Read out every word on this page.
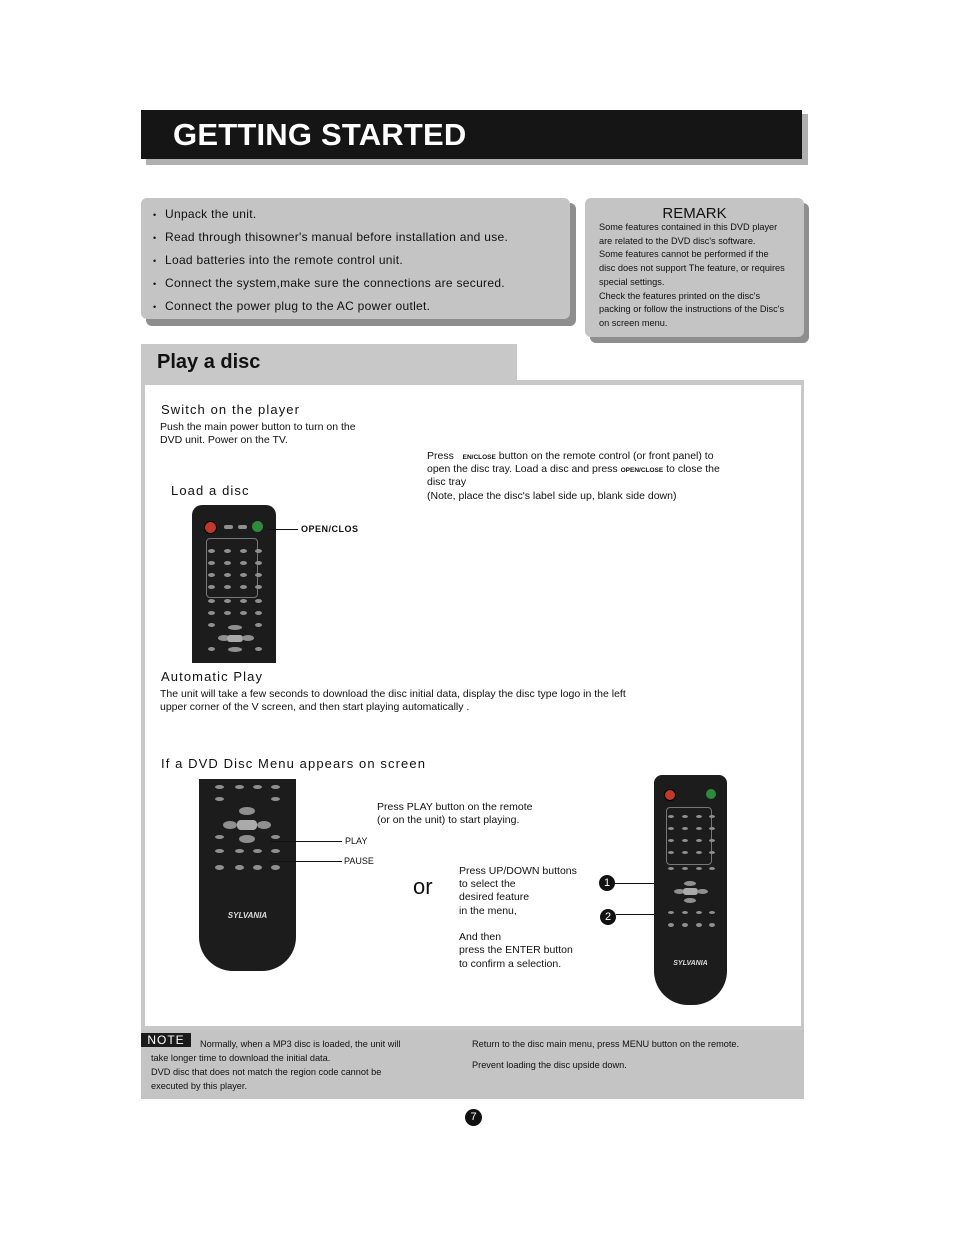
GETTING STARTED
• Unpack the unit.
• Read through thisowner's manual before installation and use.
• Load batteries into the remote control unit.
• Connect the system,make sure the connections are secured.
• Connect the power plug to the AC power outlet.
REMARK
Some features contained in this DVD player
are related to the DVD disc's software.
Some features cannot be performed if the
disc does not support The feature, or requires
special settings.
Check the features printed on the disc's
packing or follow the instructions of the Disc's
on screen menu.
Play a disc
Switch on the player
Push the main power button to turn on the
DVD unit. Power on the TV.
Load a disc
Press EN/CLOSE button on the remote control (or front panel) to
open the disc tray. Load a disc and press OPEN/CLOSE to close the
disc tray
(Note, place the disc's label side up, blank side down)
OPEN/CLOS
Automatic Play
The unit will take a few seconds to download the disc initial data, display the disc type logo in the left
upper corner of the V screen, and then start playing automatically .
If a DVD Disc Menu appears on screen
SYLVANIA
Press PLAY button on the remote
(or on the unit) to start playing.
PLAY
PAUSE
or
Press UP/DOWN buttons
to select the
desired feature
in the menu,
And then
press the ENTER button
to confirm a selection.
1
2
SYLVANIA
NOTE	Normally, when a MP3 disc is loaded, the unit will
take longer time to download the initial data.
DVD disc that does not match the region code cannot be
executed by this player.
Return to the disc main menu, press MENU button on the remote.
Prevent loading the disc upside down.
7
